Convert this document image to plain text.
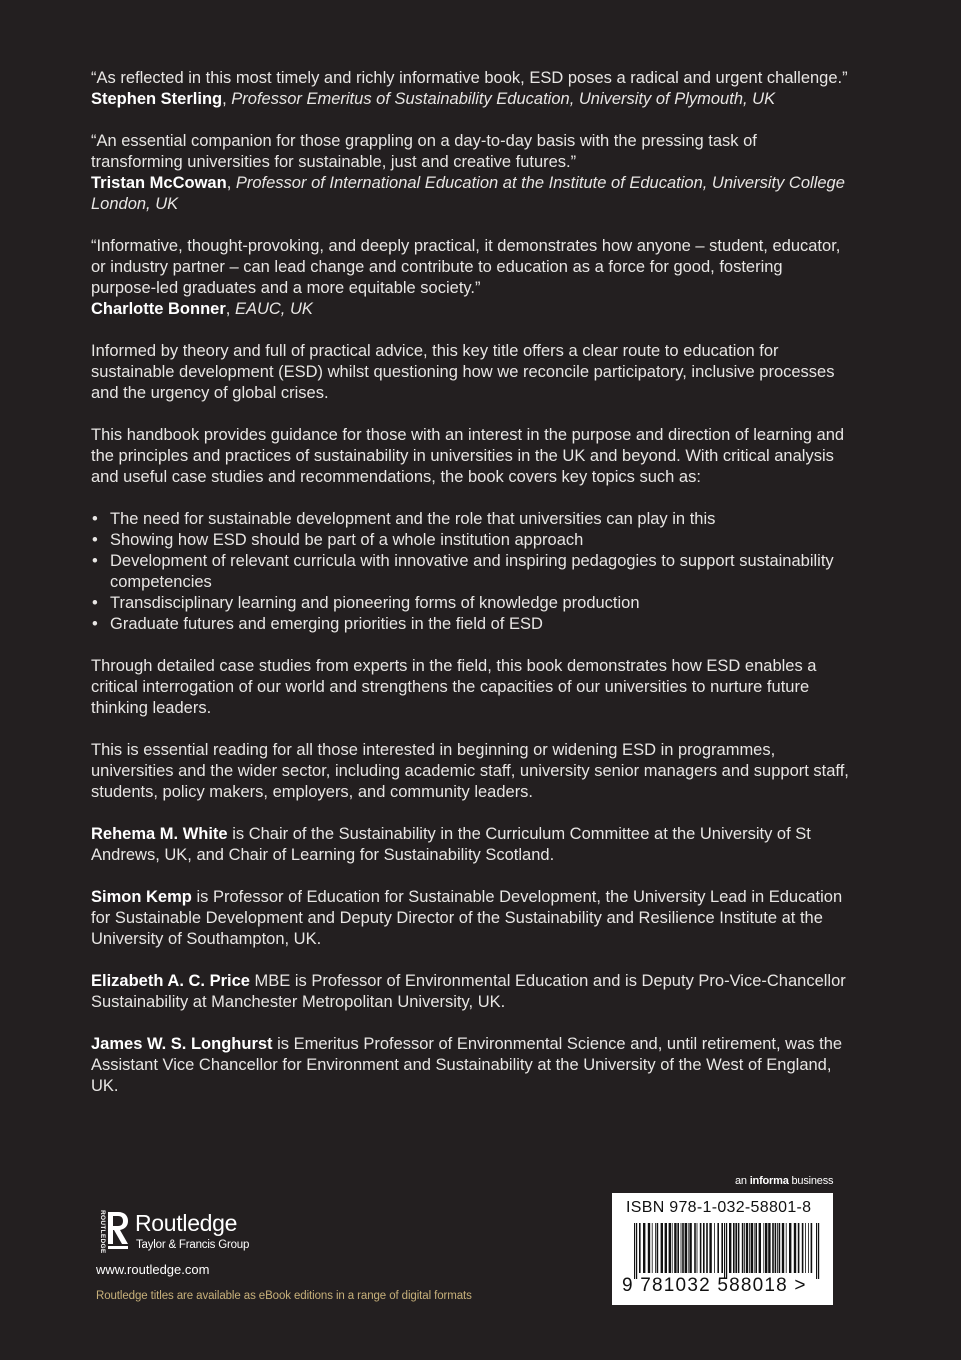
“As reflected in this most timely and richly informative book, ESD poses a radical and urgent challenge.”

Stephen Sterling, Professor Emeritus of Sustainability Education, University of Plymouth, UK

“An essential companion for those grappling on a day-to-day basis with the pressing task of transforming universities for sustainable, just and creative futures.”

Tristan McCowan, Professor of International Education at the Institute of Education, University College London, UK

“Informative, thought-provoking, and deeply practical, it demonstrates how anyone – student, educator, or industry partner – can lead change and contribute to education as a force for good, fostering purpose-led graduates and a more equitable society.”

Charlotte Bonner, EAUC, UK

Informed by theory and full of practical advice, this key title offers a clear route to education for sustainable development (ESD) whilst questioning how we reconcile participatory, inclusive processes and the urgency of global crises.

This handbook provides guidance for those with an interest in the purpose and direction of learning and the principles and practices of sustainability in universities in the UK and beyond. With critical analysis and useful case studies and recommendations, the book covers key topics such as:

• The need for sustainable development and the role that universities can play in this
• Showing how ESD should be part of a whole institution approach
• Development of relevant curricula with innovative and inspiring pedagogies to support sustainability competencies
• Transdisciplinary learning and pioneering forms of knowledge production
• Graduate futures and emerging priorities in the field of ESD

Through detailed case studies from experts in the field, this book demonstrates how ESD enables a critical interrogation of our world and strengthens the capacities of our universities to nurture future thinking leaders.

This is essential reading for all those interested in beginning or widening ESD in programmes, universities and the wider sector, including academic staff, university senior managers and support staff, students, policy makers, employers, and community leaders.

Rehema M. White is Chair of the Sustainability in the Curriculum Committee at the University of St Andrews, UK, and Chair of Learning for Sustainability Scotland.

Simon Kemp is Professor of Education for Sustainable Development, the University Lead in Education for Sustainable Development and Deputy Director of the Sustainability and Resilience Institute at the University of Southampton, UK.

Elizabeth A. C. Price MBE is Professor of Environmental Education and is Deputy Pro-Vice-Chancellor Sustainability at Manchester Metropolitan University, UK.

James W. S. Longhurst is Emeritus Professor of Environmental Science and, until retirement, was the Assistant Vice Chancellor for Environment and Sustainability at the University of the West of England, UK.

an informa business
ISBN 978-1-032-58801-8
9 781032 588018 >
ROUTLEDGE Routledge
Taylor & Francis Group
www.routledge.com
Routledge titles are available as eBook editions in a range of digital formats
